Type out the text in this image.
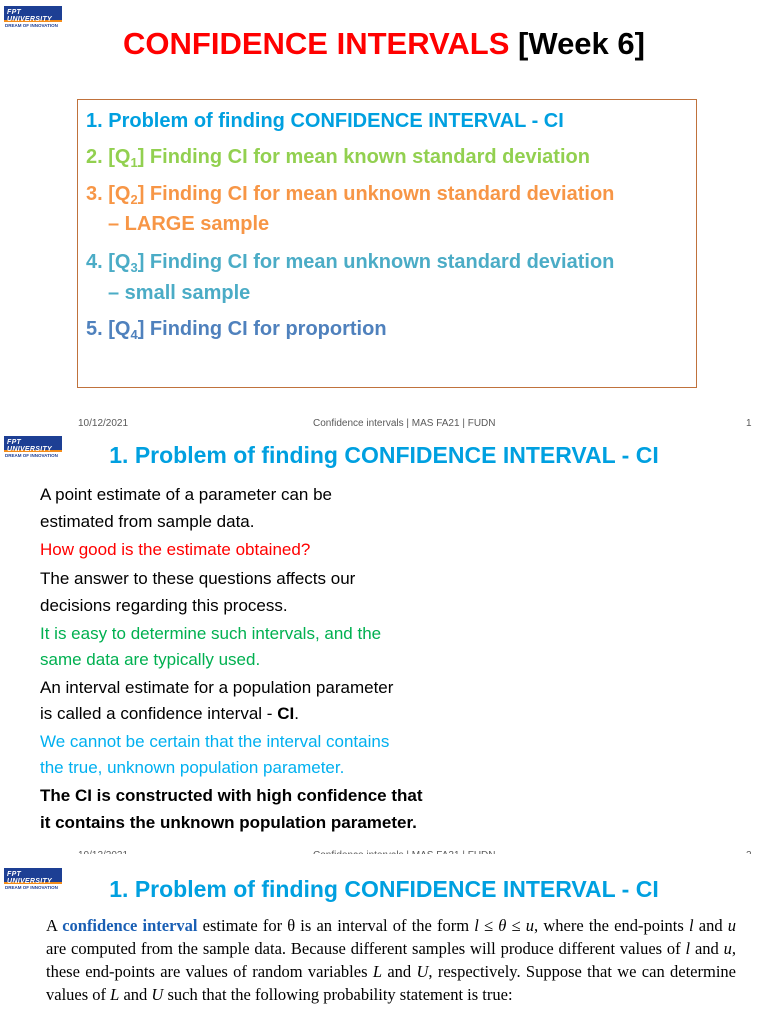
FPT UNIVERSITY
DREAM OF INNOVATION
CONFIDENCE INTERVALS [Week 6]
1. Problem of finding CONFIDENCE INTERVAL - CI
2. $[Q_1]$ Finding CI for mean known standard deviation
3. $[Q_2]$ Finding CI for mean unknown standard deviation
– LARGE sample
4. $[Q_3]$ Finding CI for mean unknown standard deviation
– small sample
5. $[Q_4]$ Finding CI for proportion
10/12/2021	Confidence intervals | MAS FA21 | FUDN	1
FPT UNIVERSITY
DREAM OF INNOVATION	1. Problem of finding CONFIDENCE INTERVAL - CI
A point estimate of a parameter can be
estimated from sample data.
How good is the estimate obtained?
The answer to these questions affects our
decisions regarding this process.
It is easy to determine such intervals, and the
same data are typically used.
An interval estimate for a population parameter
is called a confidence interval - CI.
We cannot be certain that the interval contains
the true, unknown population parameter.
The CI is constructed with high confidence that
it contains the unknown population parameter.
FPT UNIVERSITY
DREAM OF INNOVATION	1. Problem of finding CONFIDENCE INTERVAL - CI
A confidence interval estimate for θ is an interval of the form l ≤ θ ≤ u, where the end-points l and u are computed from the sample data. Because different samples will produce different values of l and u, these end-points are values of random variables L and U, respectively. Suppose that we can determine values of L and U such that the following probability statement is true:
